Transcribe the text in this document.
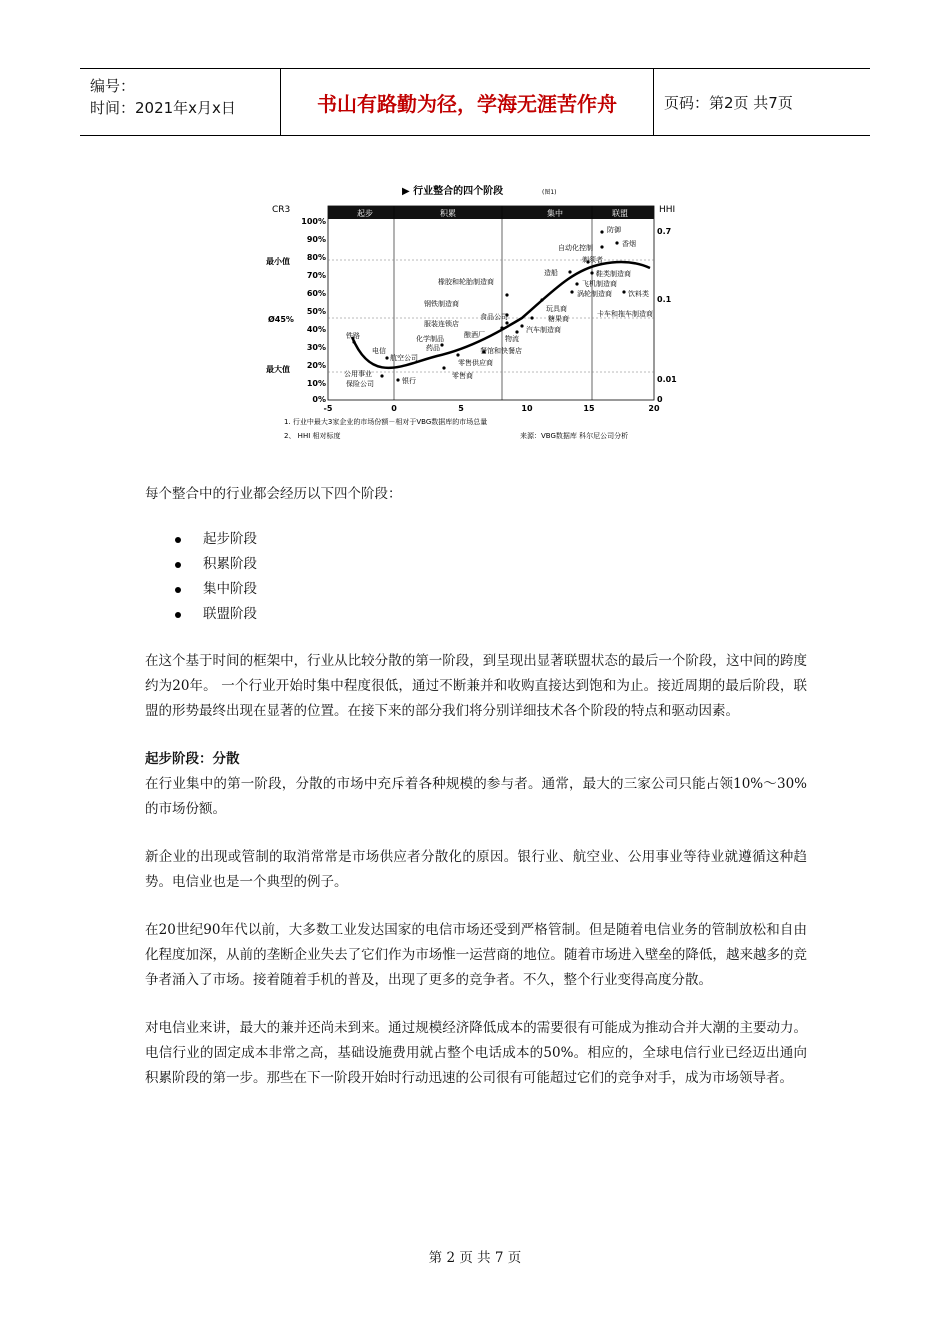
编号：
时间：2021年x月x日	书山有路勤为径，学海无涯苦作舟	页码：第2页 共7页
▶ 行业整合的四个阶段	(图1)
CR3	HHI
起步	积累	集中	联盟
100%
90%
80%
70%
60%
50%
40%
30%
20%
10%
0%
最小值
Ø45%
最大值
0.7
0.1
0.01
0
-5	0	5	10	15	20
防御
香烟
自动化控制
剃须者
造船	鞋类制造商
飞机制造商
涡轮制造商 饮料类
橡胶和轮胎制造商
钢铁制造商
食品公司
玩具商
糖果商
卡车和拖车制造商
服装连锁店
汽车制造商
酿酒厂	物流
化学制品
药品
铁路
电信
航空公司
零售供应商
餐馆和快餐店
零售商
公用事业
保险公司	银行
1. 行业中最大3家企业的市场份额－相对于VBG数据库的市场总量
2、 HHI 相对标度	来源：VBG数据库 科尔尼公司分析

每个整合中的行业都会经历以下四个阶段：

起步阶段
积累阶段
集中阶段
联盟阶段

在这个基于时间的框架中，行业从比较分散的第一阶段，到呈现出显著联盟状态的最后一个阶段，这中间的跨度约为20年。 一个行业开始时集中程度很低，通过不断兼并和收购直接达到饱和为止。接近周期的最后阶段，联盟的形势最终出现在显著的位置。在接下来的部分我们将分别详细技术各个阶段的特点和驱动因素。

起步阶段：分散

在行业集中的第一阶段，分散的市场中充斥着各种规模的参与者。通常，最大的三家公司只能占领10%～30%的市场份额。

新企业的出现或管制的取消常常是市场供应者分散化的原因。银行业、航空业、公用事业等待业就遵循这种趋势。电信业也是一个典型的例子。

在20世纪90年代以前，大多数工业发达国家的电信市场还受到严格管制。但是随着电信业务的管制放松和自由化程度加深，从前的垄断企业失去了它们作为市场惟一运营商的地位。随着市场进入壁垒的降低，越来越多的竞争者涌入了市场。接着随着手机的普及，出现了更多的竞争者。不久，整个行业变得高度分散。

对电信业来讲，最大的兼并还尚未到来。通过规模经济降低成本的需要很有可能成为推动合并大潮的主要动力。电信行业的固定成本非常之高，基础设施费用就占整个电话成本的50%。相应的，全球电信行业已经迈出通向积累阶段的第一步。那些在下一阶段开始时行动迅速的公司很有可能超过它们的竞争对手，成为市场领导者。

第 2 页 共 7 页
